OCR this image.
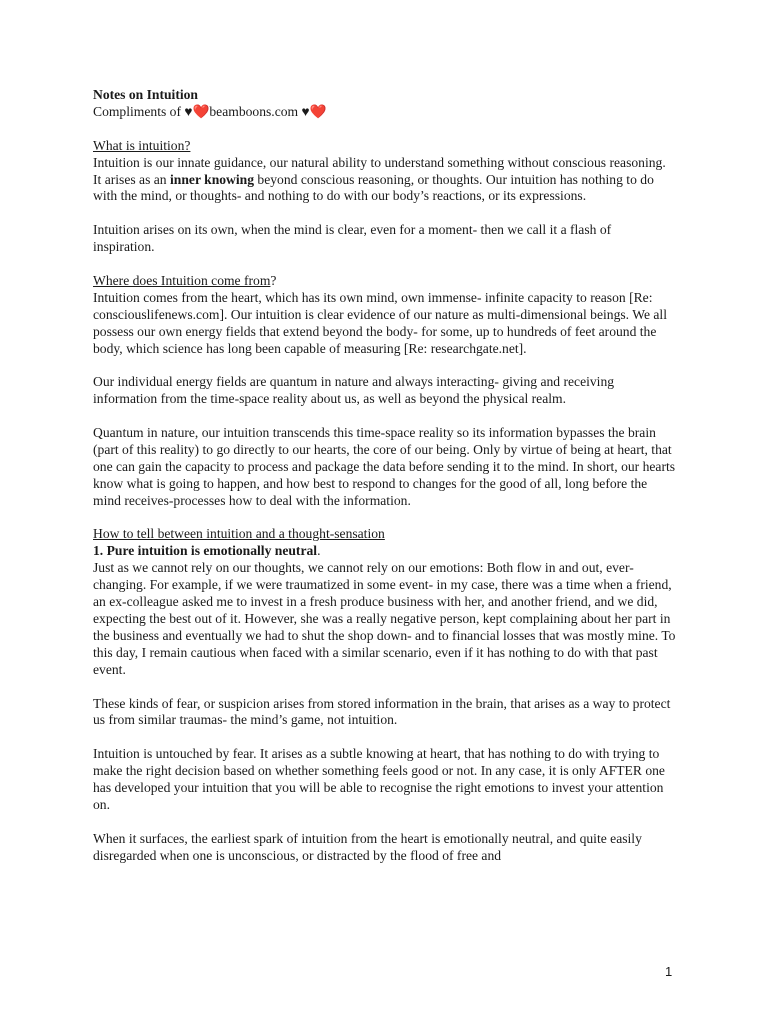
Notes on Intuition

Compliments of ♥❤️beamboons.com ♥❤️

What is intuition?

Intuition is our innate guidance, our natural ability to understand something without conscious reasoning. It arises as an inner knowing beyond conscious reasoning, or thoughts. Our intuition has nothing to do with the mind, or thoughts- and nothing to do with our body’s reactions, or its expressions.

Intuition arises on its own, when the mind is clear, even for a moment- then we call it a flash of inspiration.

Where does Intuition come from?

Intuition comes from the heart, which has its own mind, own immense- infinite capacity to reason [Re: consciouslifenews.com]. Our intuition is clear evidence of our nature as multi-dimensional beings. We all possess our own energy fields that extend beyond the body- for some, up to hundreds of feet around the body, which science has long been capable of measuring [Re: researchgate.net].

Our individual energy fields are quantum in nature and always interacting- giving and receiving information from the time-space reality about us, as well as beyond the physical realm.

Quantum in nature, our intuition transcends this time-space reality so its information bypasses the brain (part of this reality) to go directly to our hearts, the core of our being. Only by virtue of being at heart, that one can gain the capacity to process and package the data before sending it to the mind. In short, our hearts know what is going to happen, and how best to respond to changes for the good of all, long before the mind receives-processes how to deal with the information.

How to tell between intuition and a thought-sensation

1. Pure intuition is emotionally neutral.

Just as we cannot rely on our thoughts, we cannot rely on our emotions: Both flow in and out, ever-changing. For example, if we were traumatized in some event- in my case, there was a time when a friend, an ex-colleague asked me to invest in a fresh produce business with her, and another friend, and we did, expecting the best out of it. However, she was a really negative person, kept complaining about her part in the business and eventually we had to shut the shop down- and to financial losses that was mostly mine. To this day, I remain cautious when faced with a similar scenario, even if it has nothing to do with that past event.

These kinds of fear, or suspicion arises from stored information in the brain, that arises as a way to protect us from similar traumas- the mind’s game, not intuition.

Intuition is untouched by fear. It arises as a subtle knowing at heart, that has nothing to do with trying to make the right decision based on whether something feels good or not. In any case, it is only AFTER one has developed your intuition that you will be able to recognise the right emotions to invest your attention on.

When it surfaces, the earliest spark of intuition from the heart is emotionally neutral, and quite easily disregarded when one is unconscious, or distracted by the flood of free and

1
